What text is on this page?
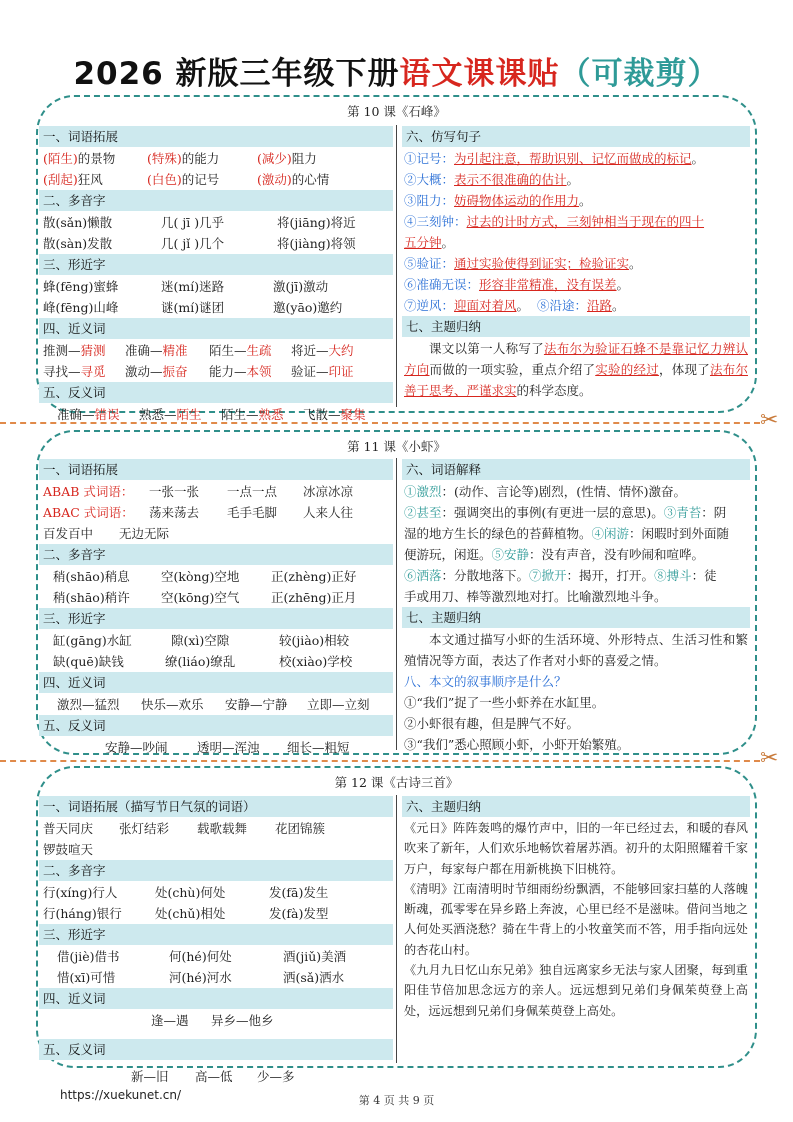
2026 新版三年级下册语文课课贴（可裁剪）
第 10 课《石峰》
一、词语拓展
(陌生)的景物	(特殊)的能力	(减少)阻力
(刮起)狂风	(白色)的记号	(激动)的心情
二、多音字
散(sǎn)懒散	几( jī )几乎	将(jiāng)将近
散(sàn)发散	几( jǐ )几个	将(jiàng)将领
三、形近字
蜂(fēng)蜜蜂	迷(mí)迷路	激(jī)激动
峰(fēng)山峰	谜(mí)谜团	邀(yāo)邀约
四、近义词
推测—猜测 准确—精准 陌生—生疏 将近—大约
寻找—寻觅 激动—振奋 能力—本领 验证—印证
五、反义词
准确—错误 熟悉—陌生 陌生—熟悉 飞散—聚集
六、仿写句子
①记号：为引起注意，帮助识别、记忆而做成的标记。
②大概：表示不很准确的估计。
③阻力：妨碍物体运动的作用力。
④三刻钟：过去的计时方式，三刻钟相当于现在的四十
五分钟。
⑤验证：通过实验使得到证实；检验证实。
⑥准确无误：形容非常精准，没有误差。
⑦逆风：迎面对着风。 ⑧沿途：沿路。
七、主题归纳
课文以第一人称写了法布尔为验证石蜂不是靠记忆力辨认方向而做的一项实验，重点介绍了实验的经过，体现了法布尔善于思考、严谨求实的科学态度。
✂
第 11 课《小虾》
一、词语拓展
ABAB 式词语： 一张一张 一点一点 冰凉冰凉
ABAC 式词语： 荡来荡去 毛手毛脚 人来人往
百发百中 无边无际
二、多音字
稍(shāo)稍息	空(kòng)空地	正(zhèng)正好
稍(shāo)稍许	空(kōng)空气	正(zhēng)正月
三、形近字
缸(gāng)水缸	隙(xì)空隙	较(jiào)相较
缺(quē)缺钱	缭(liáo)缭乱	校(xiào)学校
四、近义词
激烈—猛烈 快乐—欢乐 安静—宁静 立即—立刻
五、反义词
安静—吵闹 透明—浑浊 细长—粗短
六、词语解释
①激烈：(动作、言论等)剧烈，(性情、情怀)激奋。
②甚至：强调突出的事例(有更进一层的意思)。③青苔：阴
湿的地方生长的绿色的苔藓植物。④闲游：闲暇时到外面随
便游玩，闲逛。⑤安静：没有声音，没有吵闹和喧哗。
⑥洒落：分散地落下。⑦掀开：揭开，打开。⑧搏斗：徒
手或用刀、棒等激烈地对打。比喻激烈地斗争。
七、主题归纳
本文通过描写小虾的生活环境、外形特点、生活习性和繁殖情况等方面，表达了作者对小虾的喜爱之情。
八、本文的叙事顺序是什么？
①“我们”捉了一些小虾养在水缸里。
②小虾很有趣，但是脾气不好。
③“我们”悉心照顾小虾，小虾开始繁殖。
✂
第 12 课《古诗三首》
一、词语拓展（描写节日气氛的词语）
普天同庆 张灯结彩 载歌载舞 花团锦簇
锣鼓喧天
二、多音字
行(xíng)行人	处(chù)何处	发(fā)发生
行(háng)银行	处(chǔ)相处	发(fà)发型
三、形近字
借(jiè)借书	何(hé)何处	酒(jiǔ)美酒
惜(xī)可惜	河(hé)河水	洒(sǎ)洒水
四、近义词
逢—遇 异乡—他乡
五、反义词
新—旧 高—低 少—多
六、主题归纳
《元日》阵阵轰鸣的爆竹声中，旧的一年已经过去，和暖的春风吹来了新年，人们欢乐地畅饮着屠苏酒。初升的太阳照耀着千家万户，每家每户都在用新桃换下旧桃符。
《清明》江南清明时节细雨纷纷飘洒，不能够回家扫墓的人落魄断魂，孤零零在异乡路上奔波，心里已经不是滋味。借问当地之人何处买酒浇愁？骑在牛背上的小牧童笑而不答，用手指向远处的杏花山村。
《九月九日忆山东兄弟》独自远离家乡无法与家人团聚，每到重阳佳节倍加思念远方的亲人。远远想到兄弟们身佩茱萸登上高处，远远想到兄弟们身佩茱萸登上高处。
https://xuekunet.cn/	第 4 页 共 9 页
